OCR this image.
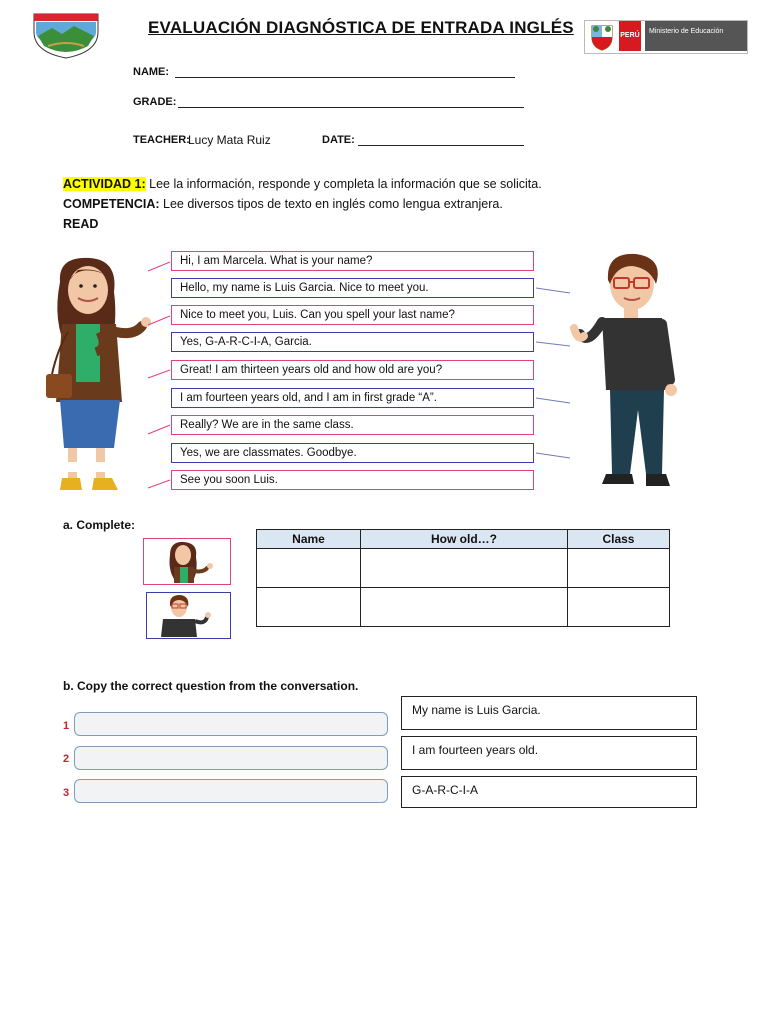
EVALUACIÓN DIAGNÓSTICA DE ENTRADA INGLÉS	PERÚ
Ministerio de Educación
NAME:
GRADE:
TEACHER:
Lucy Mata Ruiz	DATE:
ACTIVIDAD 1: Lee la información, responde y completa la información que se solicita.
COMPETENCIA: Lee diversos tipos de texto en inglés como lengua extranjera.
READ
Hi, I am Marcela. What is your name?
Hello, my name is Luis Garcia. Nice to meet you.
Nice to meet you, Luis. Can you spell your last name?
Yes, G-A-R-C-I-A, Garcia.
Great! I am thirteen years old and how old are you?
I am fourteen years old, and I am in first grade “A”.
Really? We are in the same class.
Yes, we are classmates. Goodbye.
See you soon Luis.
a. Complete:
Name	How old…?	Class

b. Copy the correct question from the conversation.
1
2
3
My name is Luis Garcia.
I am fourteen years old.
G-A-R-C-I-A
